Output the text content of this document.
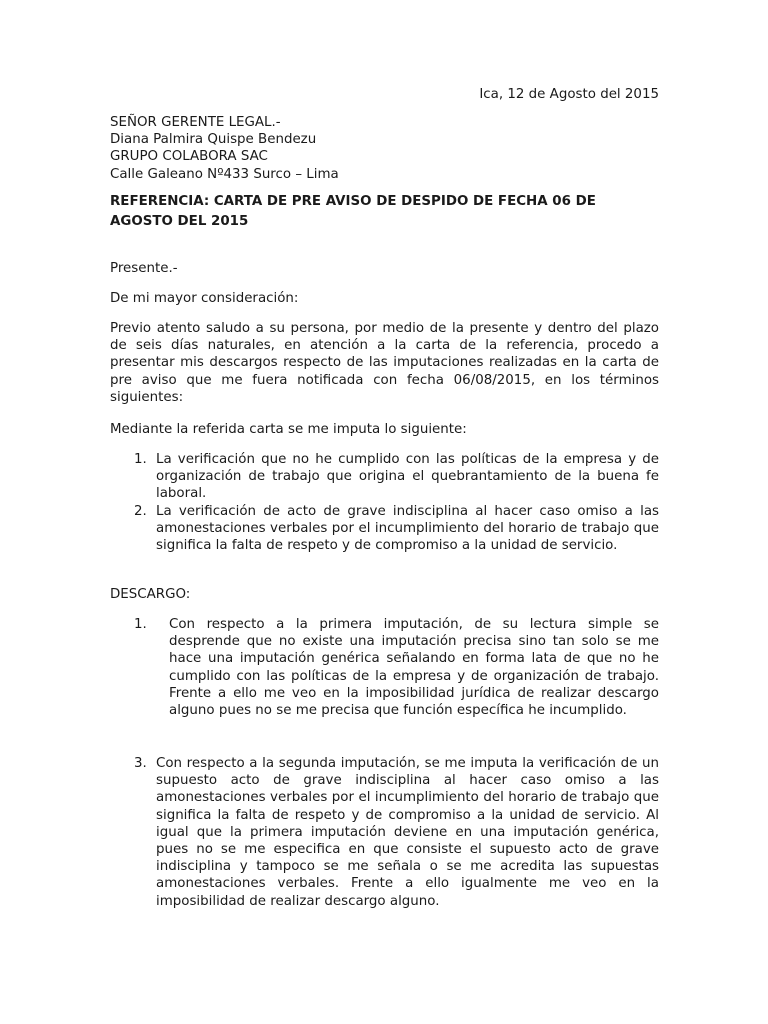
Ica, 12 de Agosto del 2015
SEÑOR GERENTE LEGAL.-
Diana Palmira Quispe Bendezu
GRUPO COLABORA SAC
Calle Galeano Nº433 Surco – Lima
REFERENCIA: CARTA DE PRE AVISO DE DESPIDO DE FECHA 06 DE AGOSTO DEL 2015
Presente.-
De mi mayor consideración:
Previo atento saludo a su persona, por medio de la presente y dentro del plazo de seis días naturales, en atención a la carta de la referencia, procedo a presentar mis descargos respecto de las imputaciones realizadas en la carta de pre aviso que me fuera notificada con fecha 06/08/2015, en los términos siguientes:
Mediante la referida carta se me imputa lo siguiente:
1. La verificación que no he cumplido con las políticas de la empresa y de organización de trabajo que origina el quebrantamiento de la buena fe laboral.
2. La verificación de acto de grave indisciplina al hacer caso omiso a las amonestaciones verbales por el incumplimiento del horario de trabajo que significa la falta de respeto y de compromiso a la unidad de servicio.
DESCARGO:
1. Con respecto a la primera imputación, de su lectura simple se desprende que no existe una imputación precisa sino tan solo se me hace una imputación genérica señalando en forma lata de que no he cumplido con las políticas de la empresa y de organización de trabajo. Frente a ello me veo en la imposibilidad jurídica de realizar descargo alguno pues no se me precisa que función específica he incumplido.
3. Con respecto a la segunda imputación, se me imputa la verificación de un supuesto acto de grave indisciplina al hacer caso omiso a las amonestaciones verbales por el incumplimiento del horario de trabajo que significa la falta de respeto y de compromiso a la unidad de servicio. Al igual que la primera imputación deviene en una imputación genérica, pues no se me especifica en que consiste el supuesto acto de grave indisciplina y tampoco se me señala o se me acredita las supuestas amonestaciones verbales. Frente a ello igualmente me veo en la imposibilidad de realizar descargo alguno.
